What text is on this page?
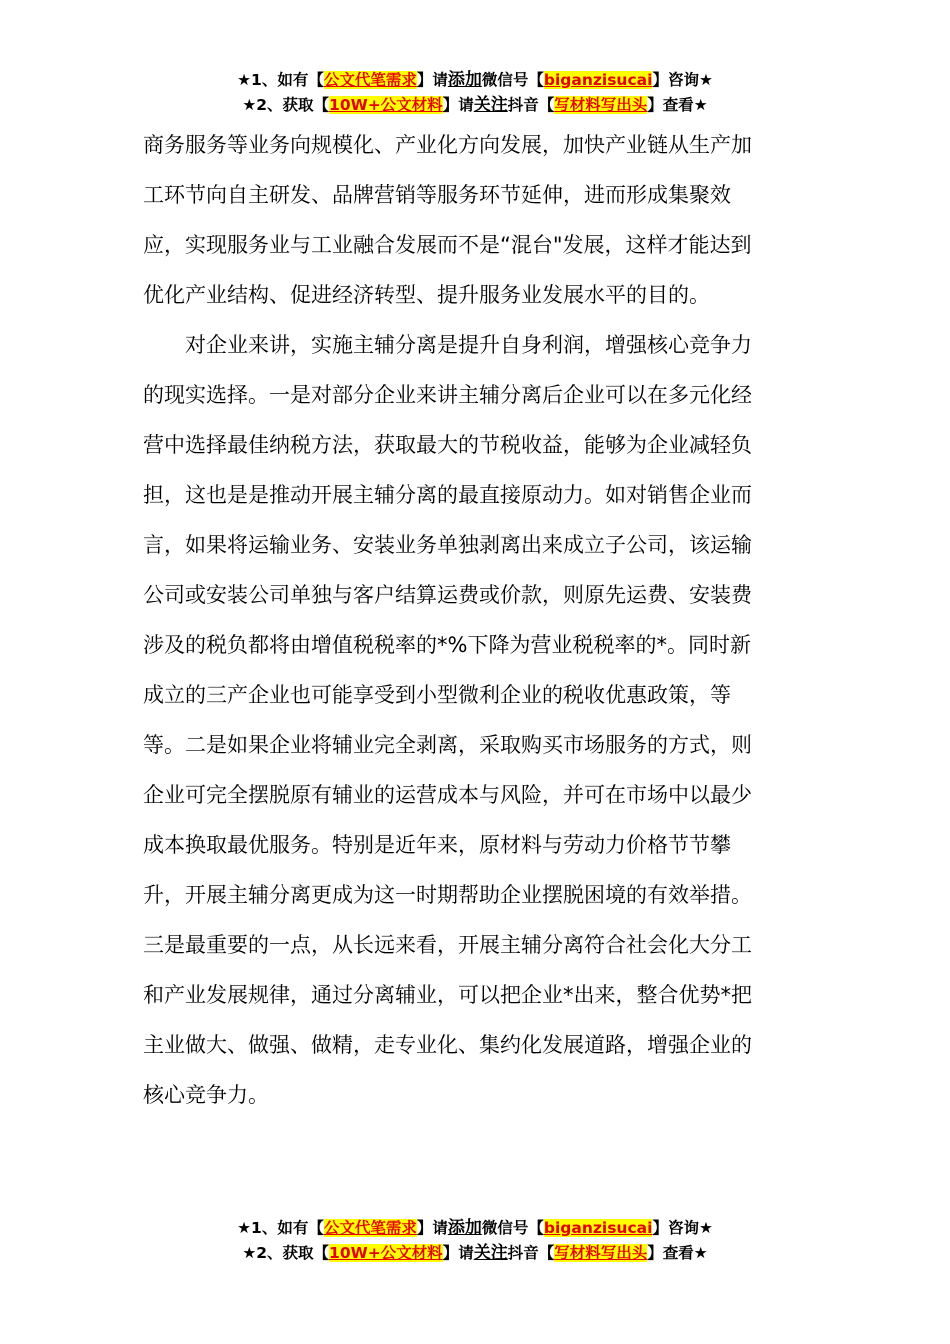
★1、如有【公文代笔需求】请添加微信号【biganzisucai】咨询★
★2、获取【10W+公文材料】请关注抖音【写材料写出头】查看★

商务服务等业务向规模化、产业化方向发展，加快产业链从生产加
工环节向自主研发、品牌营销等服务环节延伸，进而形成集聚效
应，实现服务业与工业融合发展而不是“混台"发展，这样才能达到
优化产业结构、促进经济转型、提升服务业发展水平的目的。

对企业来讲，实施主辅分离是提升自身利润，增强核心竞争力
的现实选择。一是对部分企业来讲主辅分离后企业可以在多元化经
营中选择最佳纳税方法，获取最大的节税收益，能够为企业减轻负
担，这也是是推动开展主辅分离的最直接原动力。如对销售企业而
言，如果将运输业务、安装业务单独剥离出来成立子公司，该运输
公司或安装公司单独与客户结算运费或价款，则原先运费、安装费
涉及的税负都将由增值税税率的*%下降为营业税税率的*。同时新
成立的三产企业也可能享受到小型微利企业的税收优惠政策，等
等。二是如果企业将辅业完全剥离，采取购买市场服务的方式，则
企业可完全摆脱原有辅业的运营成本与风险，并可在市场中以最少
成本换取最优服务。特别是近年来，原材料与劳动力价格节节攀
升，开展主辅分离更成为这一时期帮助企业摆脱困境的有效举措。
三是最重要的一点，从长远来看，开展主辅分离符合社会化大分工
和产业发展规律，通过分离辅业，可以把企业*出来，整合优势*把
主业做大、做强、做精，走专业化、集约化发展道路，增强企业的
核心竞争力。

★1、如有【公文代笔需求】请添加微信号【biganzisucai】咨询★
★2、获取【10W+公文材料】请关注抖音【写材料写出头】查看★
